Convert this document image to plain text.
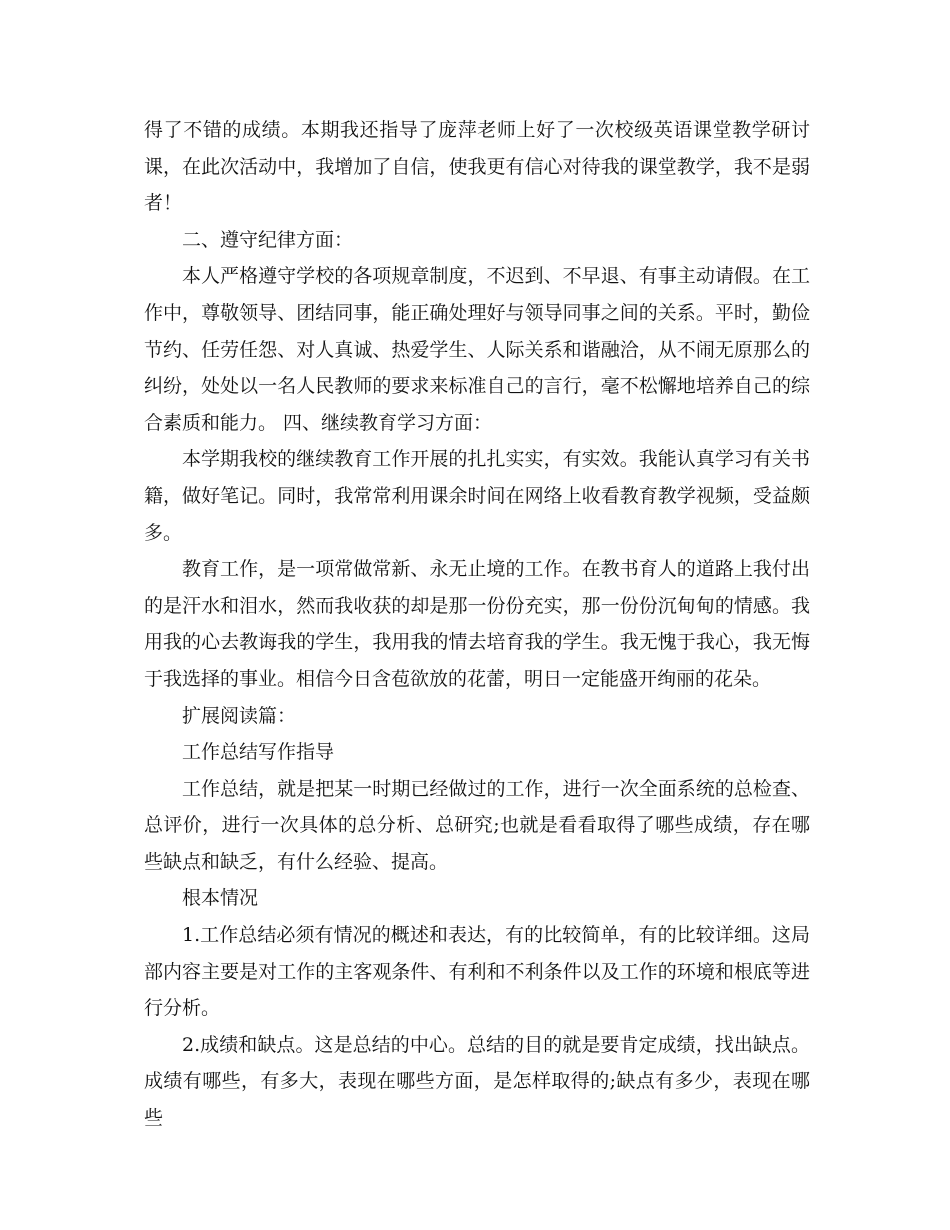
得了不错的成绩。本期我还指导了庞萍老师上好了一次校级英语课堂教学研讨课，在此次活动中，我增加了自信，使我更有信心对待我的课堂教学，我不是弱者！

二、遵守纪律方面：

本人严格遵守学校的各项规章制度，不迟到、不早退、有事主动请假。在工作中，尊敬领导、团结同事，能正确处理好与领导同事之间的关系。平时，勤俭节约、任劳任怨、对人真诚、热爱学生、人际关系和谐融洽，从不闹无原那么的纠纷，处处以一名人民教师的要求来标准自己的言行，毫不松懈地培养自己的综合素质和能力。 四、继续教育学习方面：

本学期我校的继续教育工作开展的扎扎实实，有实效。我能认真学习有关书籍，做好笔记。同时，我常常利用课余时间在网络上收看教育教学视频，受益颇多。

教育工作，是一项常做常新、永无止境的工作。在教书育人的道路上我付出的是汗水和泪水，然而我收获的却是那一份份充实，那一份份沉甸甸的情感。我用我的心去教诲我的学生，我用我的情去培育我的学生。我无愧于我心，我无悔于我选择的事业。相信今日含苞欲放的花蕾，明日一定能盛开绚丽的花朵。

扩展阅读篇：

工作总结写作指导

工作总结，就是把某一时期已经做过的工作，进行一次全面系统的总检查、总评价，进行一次具体的总分析、总研究;也就是看看取得了哪些成绩，存在哪些缺点和缺乏，有什么经验、提高。

根本情况

1.工作总结必须有情况的概述和表达，有的比较简单，有的比较详细。这局部内容主要是对工作的主客观条件、有利和不利条件以及工作的环境和根底等进行分析。

2.成绩和缺点。这是总结的中心。总结的目的就是要肯定成绩，找出缺点。成绩有哪些，有多大，表现在哪些方面，是怎样取得的;缺点有多少，表现在哪些
